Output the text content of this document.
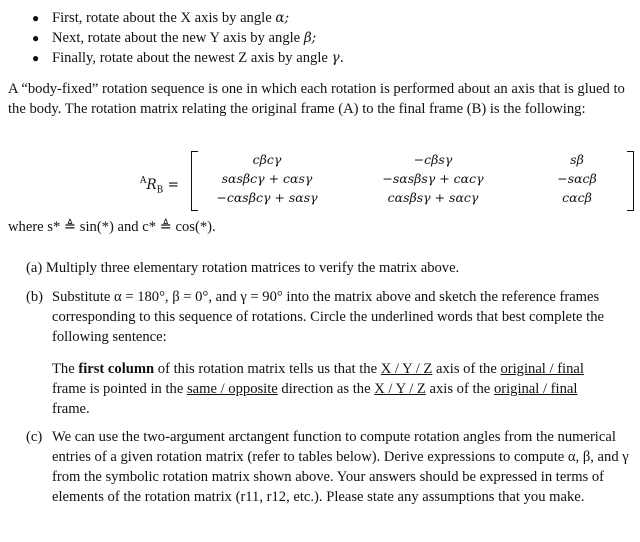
● First, rotate about the X axis by angle α;
● Next, rotate about the new Y axis by angle β;
● Finally, rotate about the newest Z axis by angle γ.
A “body-fixed” rotation sequence is one in which each rotation is performed about an axis that is glued to the body. The rotation matrix relating the original frame (A) to the final frame (B) is the following:
$^AR_B$ =
cβcγ	−cβsγ	sβ
sαsβcγ + cαsγ	−sαsβsγ + cαcγ	−sαcβ
−cαsβcγ + sαsγ	cαsβsγ + sαcγ	cαcβ
where s* ≜ sin(*) and c* ≜ cos(*).
(a) Multiply three elementary rotation matrices to verify the matrix above.
(b) Substitute α = 180°, β = 0°, and γ = 90° into the matrix above and sketch the reference frames corresponding to this sequence of rotations. Circle the underlined words that best complete the following sentence:
The first column of this rotation matrix tells us that the X / Y / Z axis of the original / final frame is pointed in the same / opposite direction as the X / Y / Z axis of the original / final frame.
(c) We can use the two-argument arctangent function to compute rotation angles from the numerical entries of a given rotation matrix (refer to tables below). Derive expressions to compute α, β, and γ from the symbolic rotation matrix shown above. Your answers should be expressed in terms of elements of the rotation matrix (r11, r12, etc.). Please state any assumptions that you make.
